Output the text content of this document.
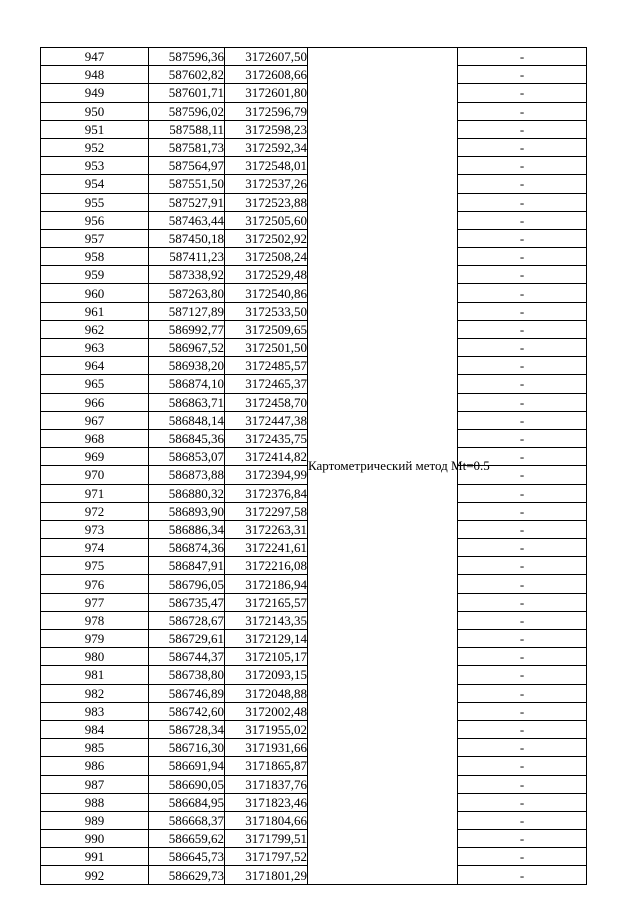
947	587596,36	3172607,50	Картометрический метод Mt=0.5	-
948	587602,82	3172608,66		-
949	587601,71	3172601,80		-
950	587596,02	3172596,79		-
951	587588,11	3172598,23		-
952	587581,73	3172592,34		-
953	587564,97	3172548,01		-
954	587551,50	3172537,26		-
955	587527,91	3172523,88		-
956	587463,44	3172505,60		-
957	587450,18	3172502,92		-
958	587411,23	3172508,24		-
959	587338,92	3172529,48		-
960	587263,80	3172540,86		-
961	587127,89	3172533,50		-
962	586992,77	3172509,65		-
963	586967,52	3172501,50		-
964	586938,20	3172485,57		-
965	586874,10	3172465,37		-
966	586863,71	3172458,70		-
967	586848,14	3172447,38		-
968	586845,36	3172435,75		-
969	586853,07	3172414,82		-
970	586873,88	3172394,99		-
971	586880,32	3172376,84		-
972	586893,90	3172297,58		-
973	586886,34	3172263,31		-
974	586874,36	3172241,61		-
975	586847,91	3172216,08		-
976	586796,05	3172186,94		-
977	586735,47	3172165,57		-
978	586728,67	3172143,35		-
979	586729,61	3172129,14		-
980	586744,37	3172105,17		-
981	586738,80	3172093,15		-
982	586746,89	3172048,88		-
983	586742,60	3172002,48		-
984	586728,34	3171955,02		-
985	586716,30	3171931,66		-
986	586691,94	3171865,87		-
987	586690,05	3171837,76		-
988	586684,95	3171823,46		-
989	586668,37	3171804,66		-
990	586659,62	3171799,51		-
991	586645,73	3171797,52		-
992	586629,73	3171801,29		-
